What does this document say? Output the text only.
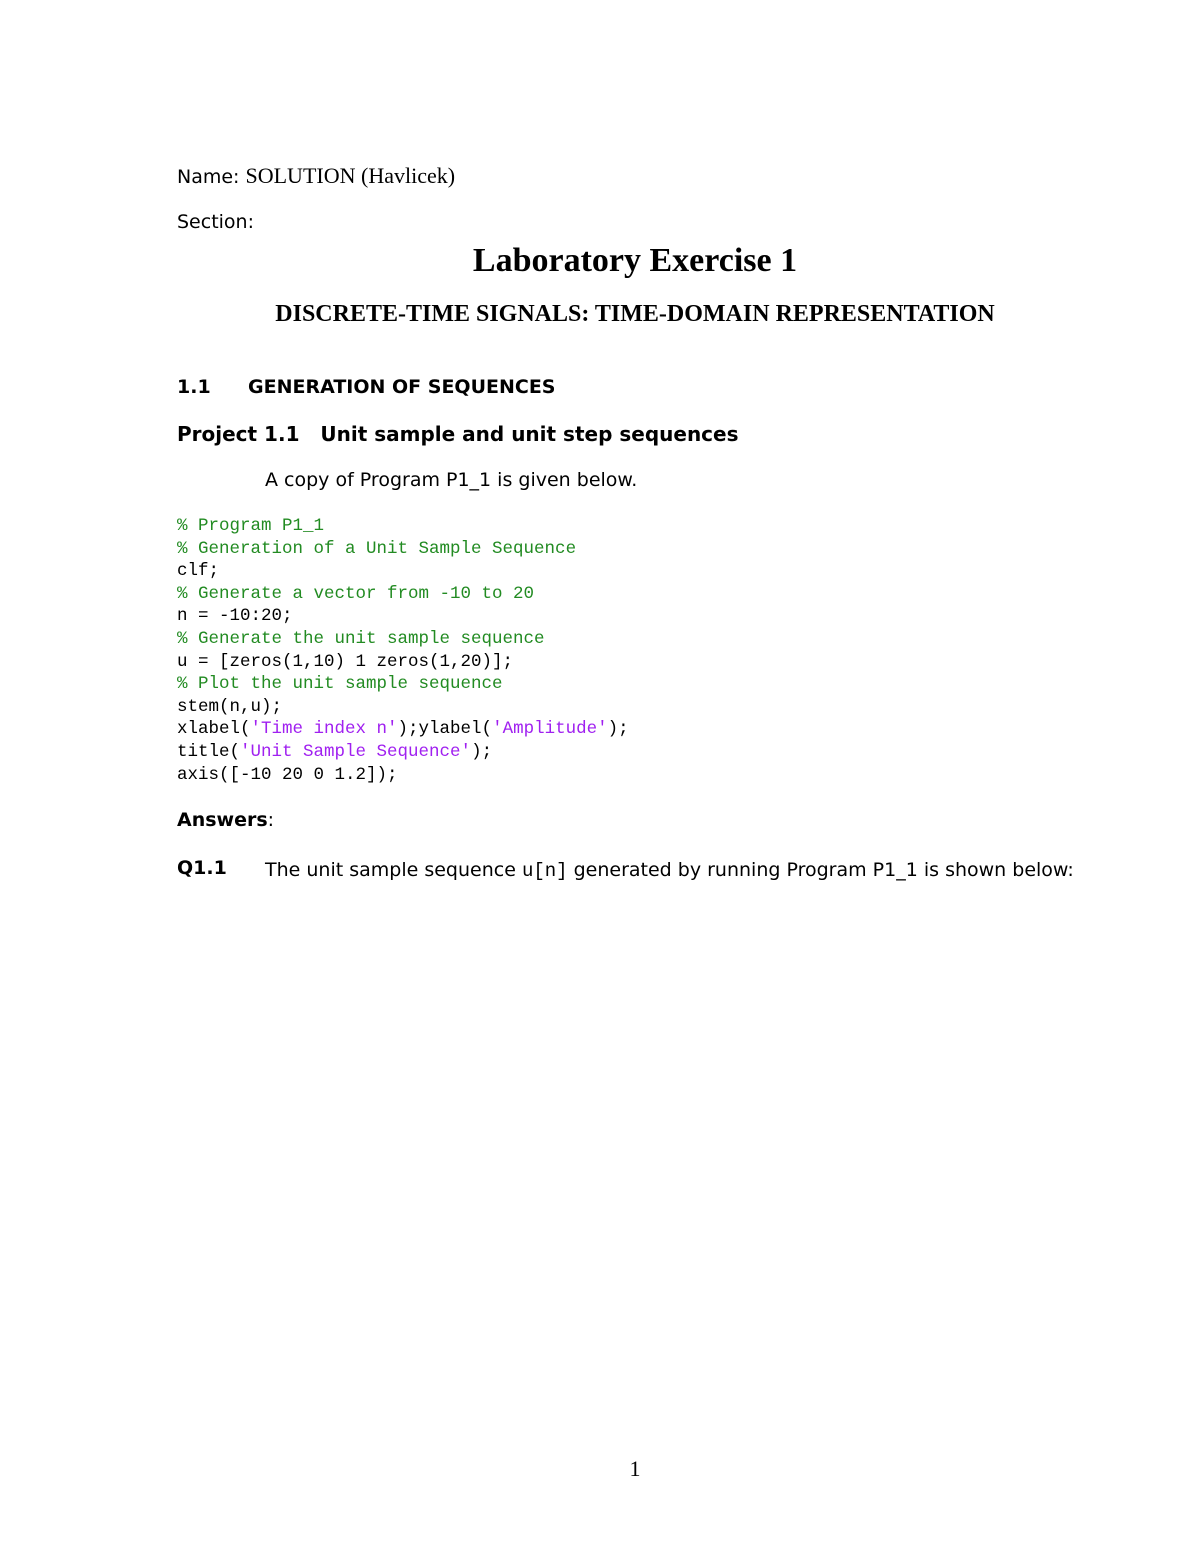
Name: SOLUTION (Havlicek)
Section:
Laboratory Exercise 1
DISCRETE-TIME SIGNALS: TIME-DOMAIN REPRESENTATION
1.1 GENERATION OF SEQUENCES
Project 1.1   Unit sample and unit step sequences
A copy of Program P1_1 is given below.
% Program P1_1
% Generation of a Unit Sample Sequence
clf;
% Generate a vector from -10 to 20
n = -10:20;
% Generate the unit sample sequence
u = [zeros(1,10) 1 zeros(1,20)];
% Plot the unit sample sequence
stem(n,u);
xlabel('Time index n');ylabel('Amplitude');
title('Unit Sample Sequence');
axis([-10 20 0 1.2]);
Answers:
Q1.1 The unit sample sequence u[n] generated by running Program P1_1 is shown below:
1
